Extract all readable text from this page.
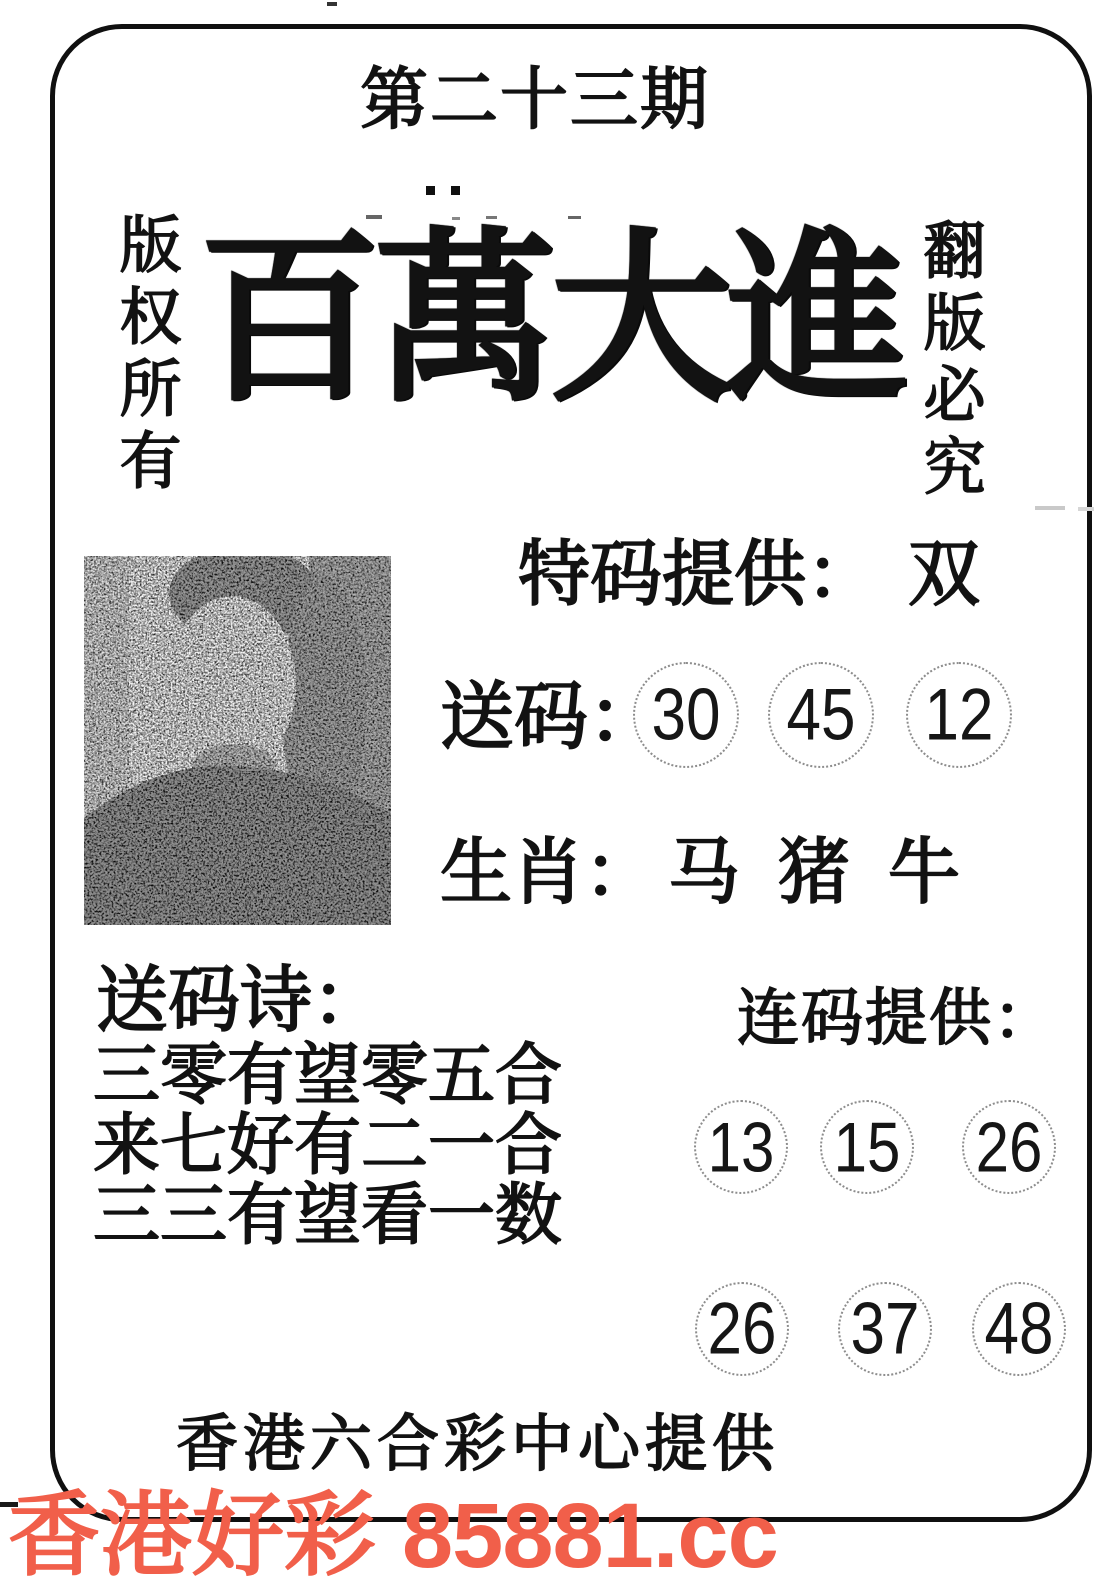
第二十三期
版权所有 百萬大進 翻版必究
特码提供： 双
送码：
30 45 12
生肖： 马 猪 牛
送码诗：
三零有望零五合
来七好有二一合
三三有望看一数
连码提供：
13 15 26
26 37 48
香港六合彩中心提供
香港好彩 85881.cc
